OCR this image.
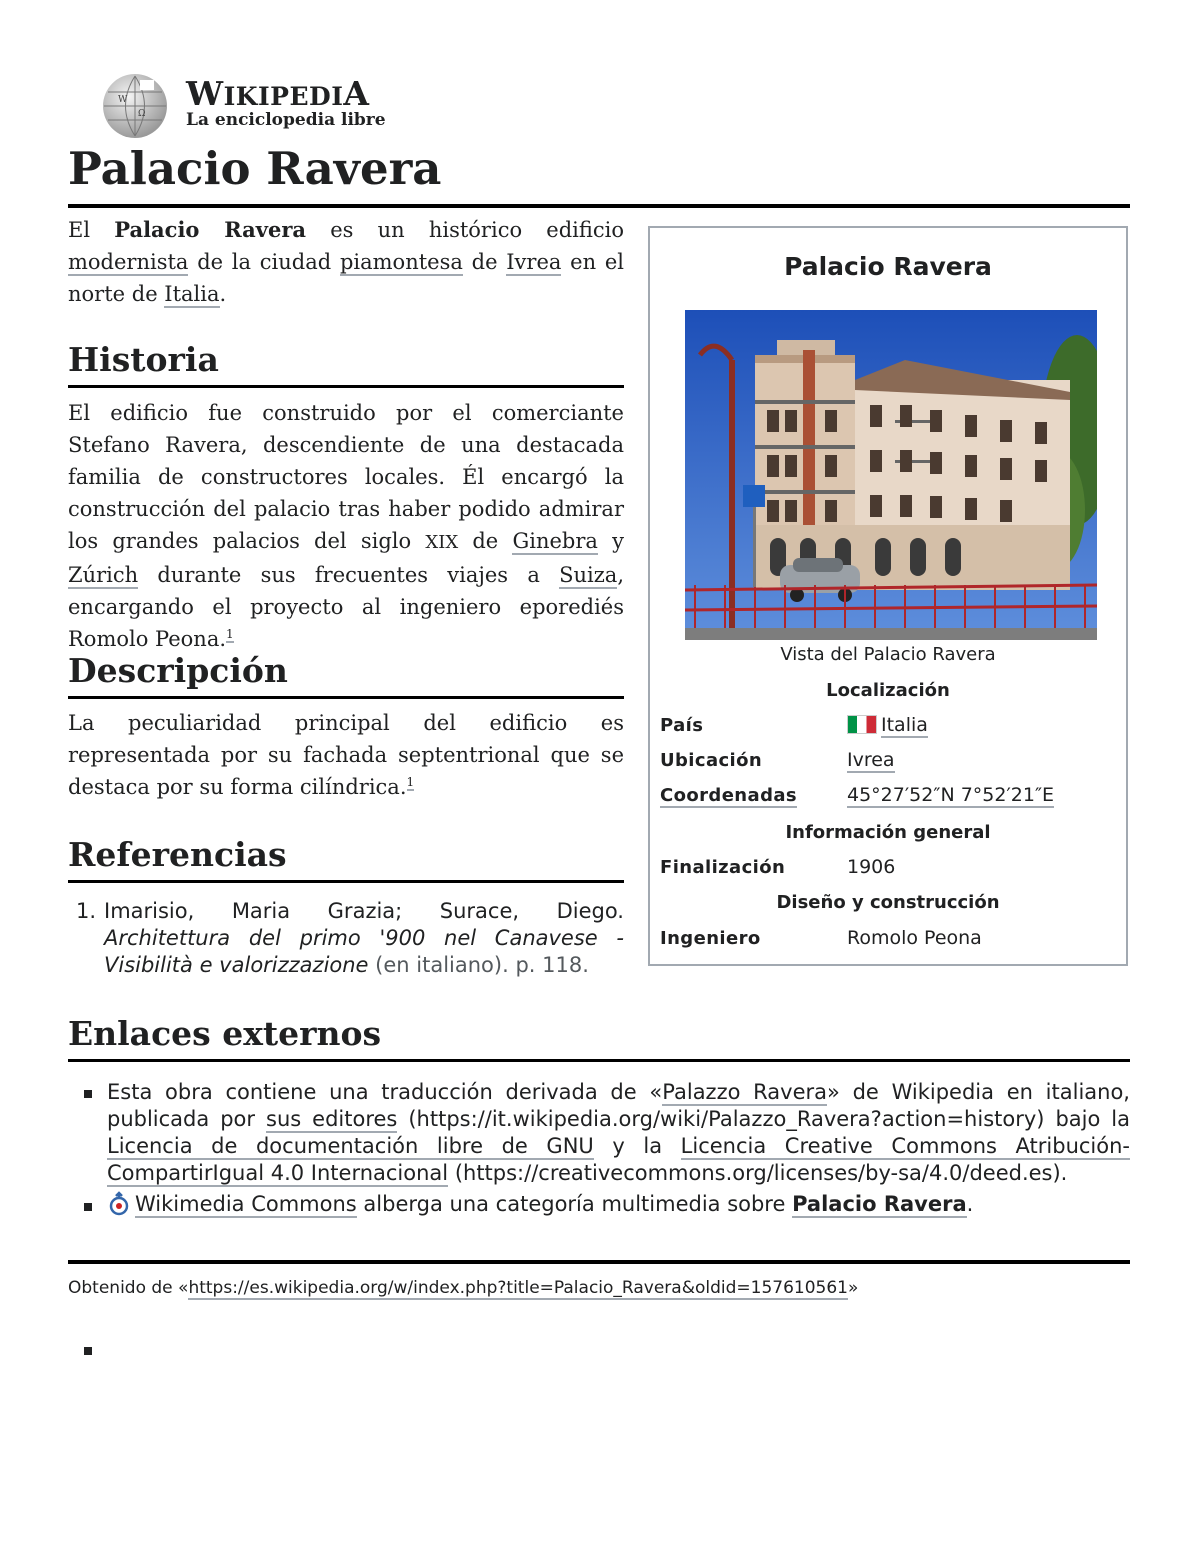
W
Ω
WIKIPEDIA
La enciclopedia libre
Palacio Ravera

El Palacio Ravera es un histórico edificio modernista de la ciudad piamontesa de Ivrea en el norte de Italia.

Historia

El edificio fue construido por el comerciante Stefano Ravera, descendiente de una destacada familia de constructores locales. Él encargó la construcción del palacio tras haber podido admirar los grandes palacios del siglo XIX de Ginebra y Zúrich durante sus frecuentes viajes a Suiza, encargando el proyecto al ingeniero eporediés Romolo Peona.$^1$

Descripción

La peculiaridad principal del edificio es representada por su fachada septentrional que se destaca por su forma cilíndrica.$^1$

Referencias
1. Imarisio, Maria Grazia; Surace, Diego. Architettura del primo '900 nel Canavese - Visibilità e valorizzazione (en italiano). p. 118.
Palacio Ravera
Vista del Palacio Ravera
Localización
País	Italia
Ubicación	Ivrea
Coordenadas	45°27′52″N 7°52′21″E
Información general
Finalización	1906
Diseño y construcción
Ingeniero	Romolo Peona
Enlaces externos

Esta obra contiene una traducción derivada de «Palazzo Ravera» de Wikipedia en italiano, publicada por sus editores (https://it.wikipedia.org/wiki/Palazzo_Ravera?action=history) bajo la Licencia de documentación libre de GNU y la Licencia Creative Commons Atribución-CompartirIgual 4.0 Internacional (https://creativecommons.org/licenses/by-sa/4.0/deed.es).

Wikimedia Commons alberga una categoría multimedia sobre Palacio Ravera.

Obtenido de «https://es.wikipedia.org/w/index.php?title=Palacio_Ravera&oldid=157610561»
